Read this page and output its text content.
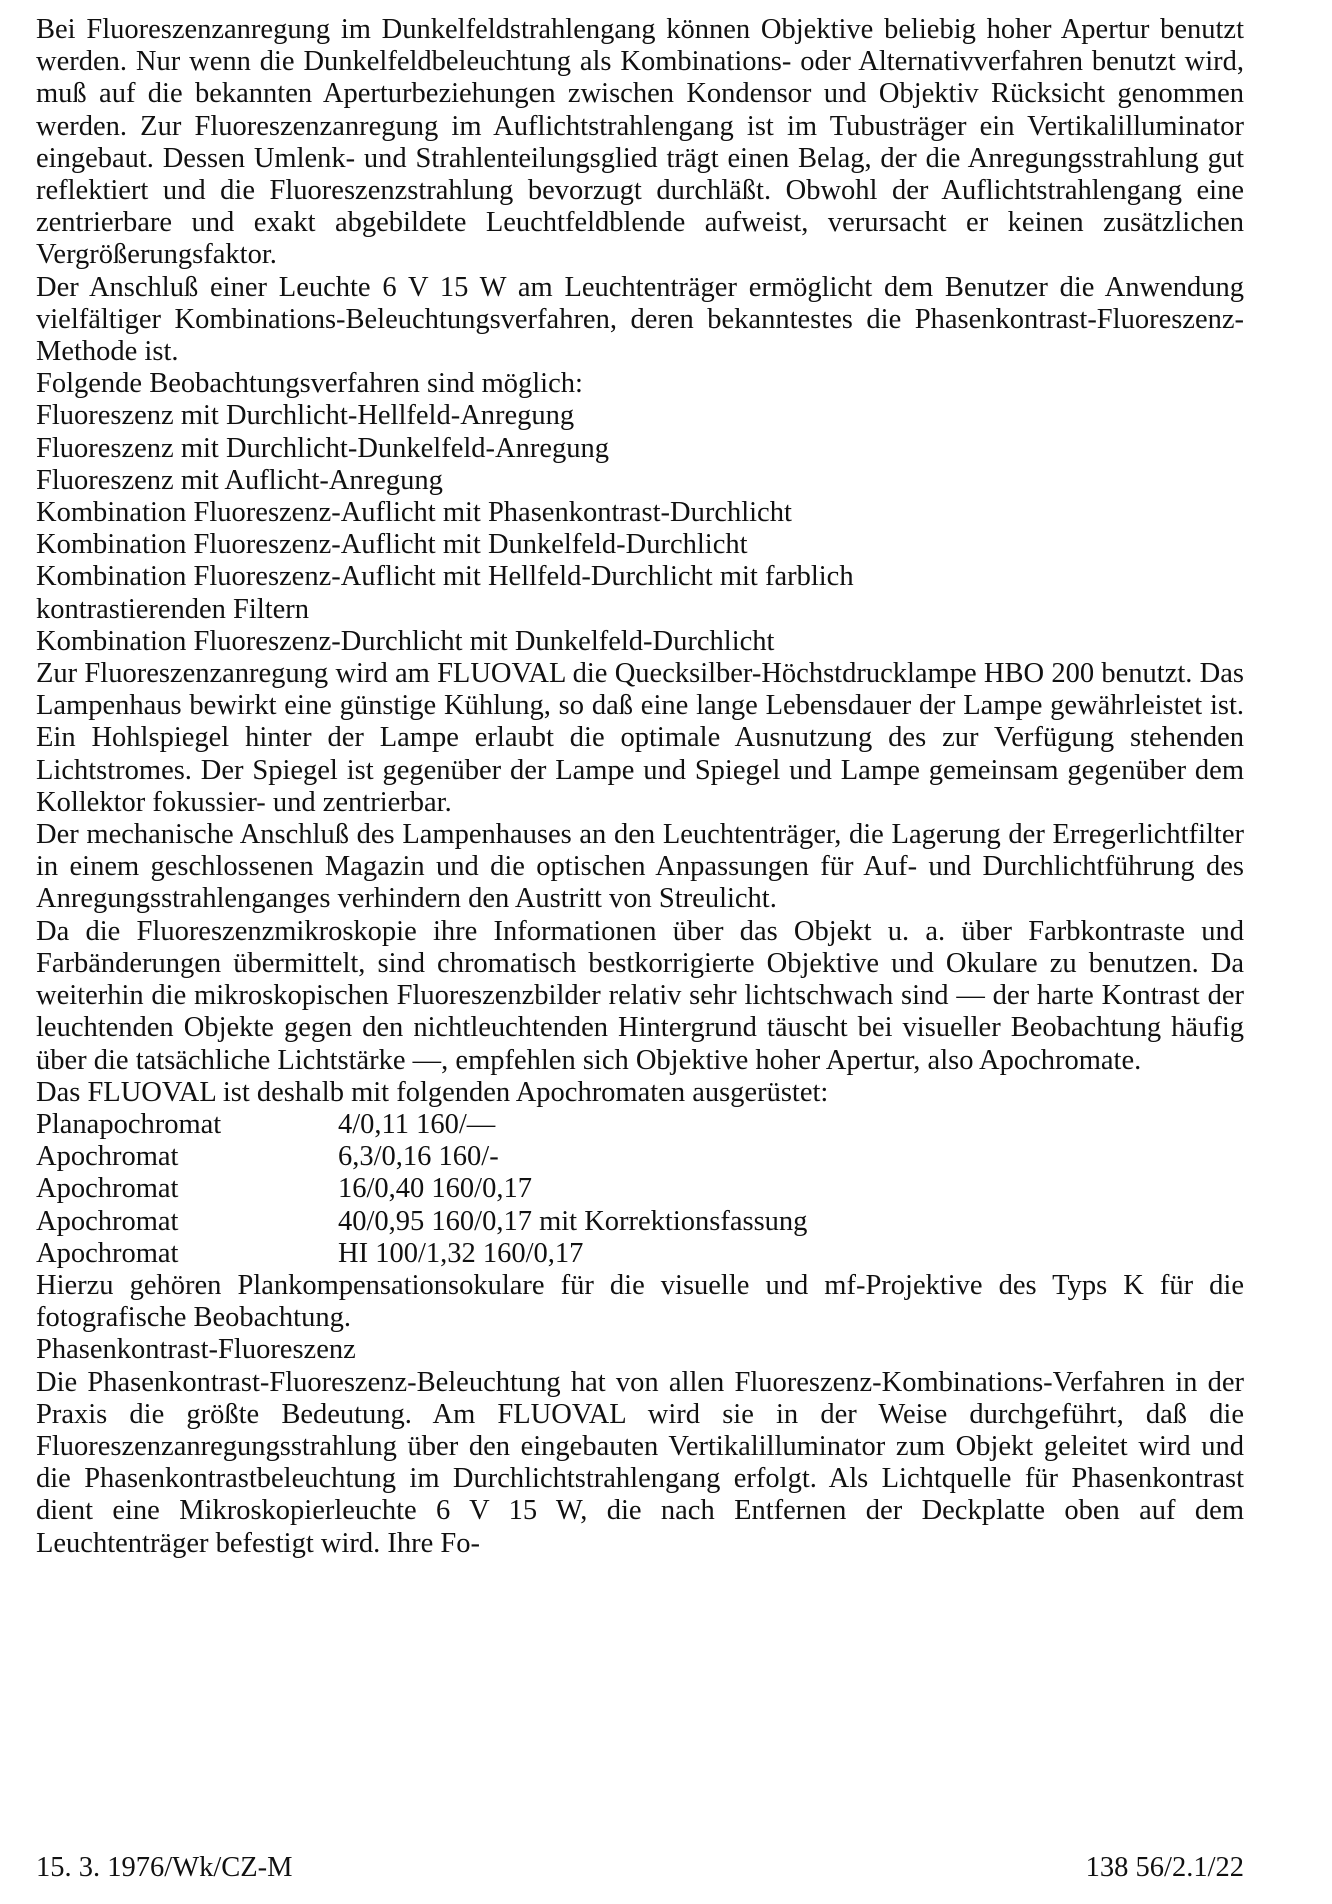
Bei Fluoreszenzanregung im Dunkelfeldstrahlengang können Objektive beliebig hoher Apertur benutzt werden. Nur wenn die Dunkelfeldbeleuchtung als Kombinations- oder Alternativverfahren benutzt wird, muß auf die bekannten Aperturbeziehungen zwischen Kondensor und Objektiv Rücksicht genommen werden. Zur Fluoreszenzanregung im Auflichtstrahlengang ist im Tubusträger ein Vertikalilluminator eingebaut. Dessen Umlenk- und Strahlenteilungsglied trägt einen Belag, der die Anregungsstrahlung gut reflektiert und die Fluoreszenzstrahlung bevorzugt durchläßt. Obwohl der Auflichtstrahlengang eine zentrierbare und exakt abgebildete Leuchtfeldblende aufweist, verursacht er keinen zusätzlichen Vergrößerungsfaktor.

Der Anschluß einer Leuchte 6 V 15 W am Leuchtenträger ermöglicht dem Benutzer die Anwendung vielfältiger Kombinations-Beleuchtungsverfahren, deren bekanntestes die Phasenkontrast-Fluoreszenz-Methode ist.

Folgende Beobachtungsverfahren sind möglich:

Fluoreszenz mit Durchlicht-Hellfeld-Anregung

Fluoreszenz mit Durchlicht-Dunkelfeld-Anregung

Fluoreszenz mit Auflicht-Anregung

Kombination Fluoreszenz-Auflicht mit Phasenkontrast-Durchlicht

Kombination Fluoreszenz-Auflicht mit Dunkelfeld-Durchlicht

Kombination Fluoreszenz-Auflicht mit Hellfeld-Durchlicht mit farblich

kontrastierenden Filtern

Kombination Fluoreszenz-Durchlicht mit Dunkelfeld-Durchlicht

Zur Fluoreszenzanregung wird am FLUOVAL die Quecksilber-Höchstdrucklampe HBO 200 benutzt. Das Lampenhaus bewirkt eine günstige Kühlung, so daß eine lange Lebensdauer der Lampe gewährleistet ist. Ein Hohlspiegel hinter der Lampe erlaubt die optimale Ausnutzung des zur Verfügung stehenden Lichtstromes. Der Spiegel ist gegenüber der Lampe und Spiegel und Lampe gemeinsam gegenüber dem Kollektor fokussier- und zentrierbar.

Der mechanische Anschluß des Lampenhauses an den Leuchtenträger, die Lagerung der Erregerlichtfilter in einem geschlossenen Magazin und die optischen Anpassungen für Auf- und Durchlichtführung des Anregungsstrahlenganges verhindern den Austritt von Streulicht.

Da die Fluoreszenzmikroskopie ihre Informationen über das Objekt u. a. über Farbkontraste und Farbänderungen übermittelt, sind chromatisch bestkorrigierte Objektive und Okulare zu benutzen. Da weiterhin die mikroskopischen Fluoreszenzbilder relativ sehr lichtschwach sind — der harte Kontrast der leuchtenden Objekte gegen den nichtleuchtenden Hintergrund täuscht bei visueller Beobachtung häufig über die tatsächliche Lichtstärke —, empfehlen sich Objektive hoher Apertur, also Apochromate.

Das FLUOVAL ist deshalb mit folgenden Apochromaten ausgerüstet:

Planapochromat	4/0,11 160/—
Apochromat	6,3/0,16 160/-
Apochromat	16/0,40 160/0,17
Apochromat	40/0,95 160/0,17 mit Korrektionsfassung
Apochromat	HI 100/1,32 160/0,17

Hierzu gehören Plankompensationsokulare für die visuelle und mf-Projektive des Typs K für die fotografische Beobachtung.

Phasenkontrast-Fluoreszenz

Die Phasenkontrast-Fluoreszenz-Beleuchtung hat von allen Fluoreszenz-Kombinations-Verfahren in der Praxis die größte Bedeutung. Am FLUOVAL wird sie in der Weise durchgeführt, daß die Fluoreszenzanregungsstrahlung über den eingebauten Vertikalilluminator zum Objekt geleitet wird und die Phasenkontrastbeleuchtung im Durchlichtstrahlengang erfolgt. Als Lichtquelle für Phasenkontrast dient eine Mikroskopierleuchte 6 V 15 W, die nach Entfernen der Deckplatte oben auf dem Leuchtenträger befestigt wird. Ihre Fo-

15. 3. 1976/Wk/CZ-M	138 56/2.1/22
